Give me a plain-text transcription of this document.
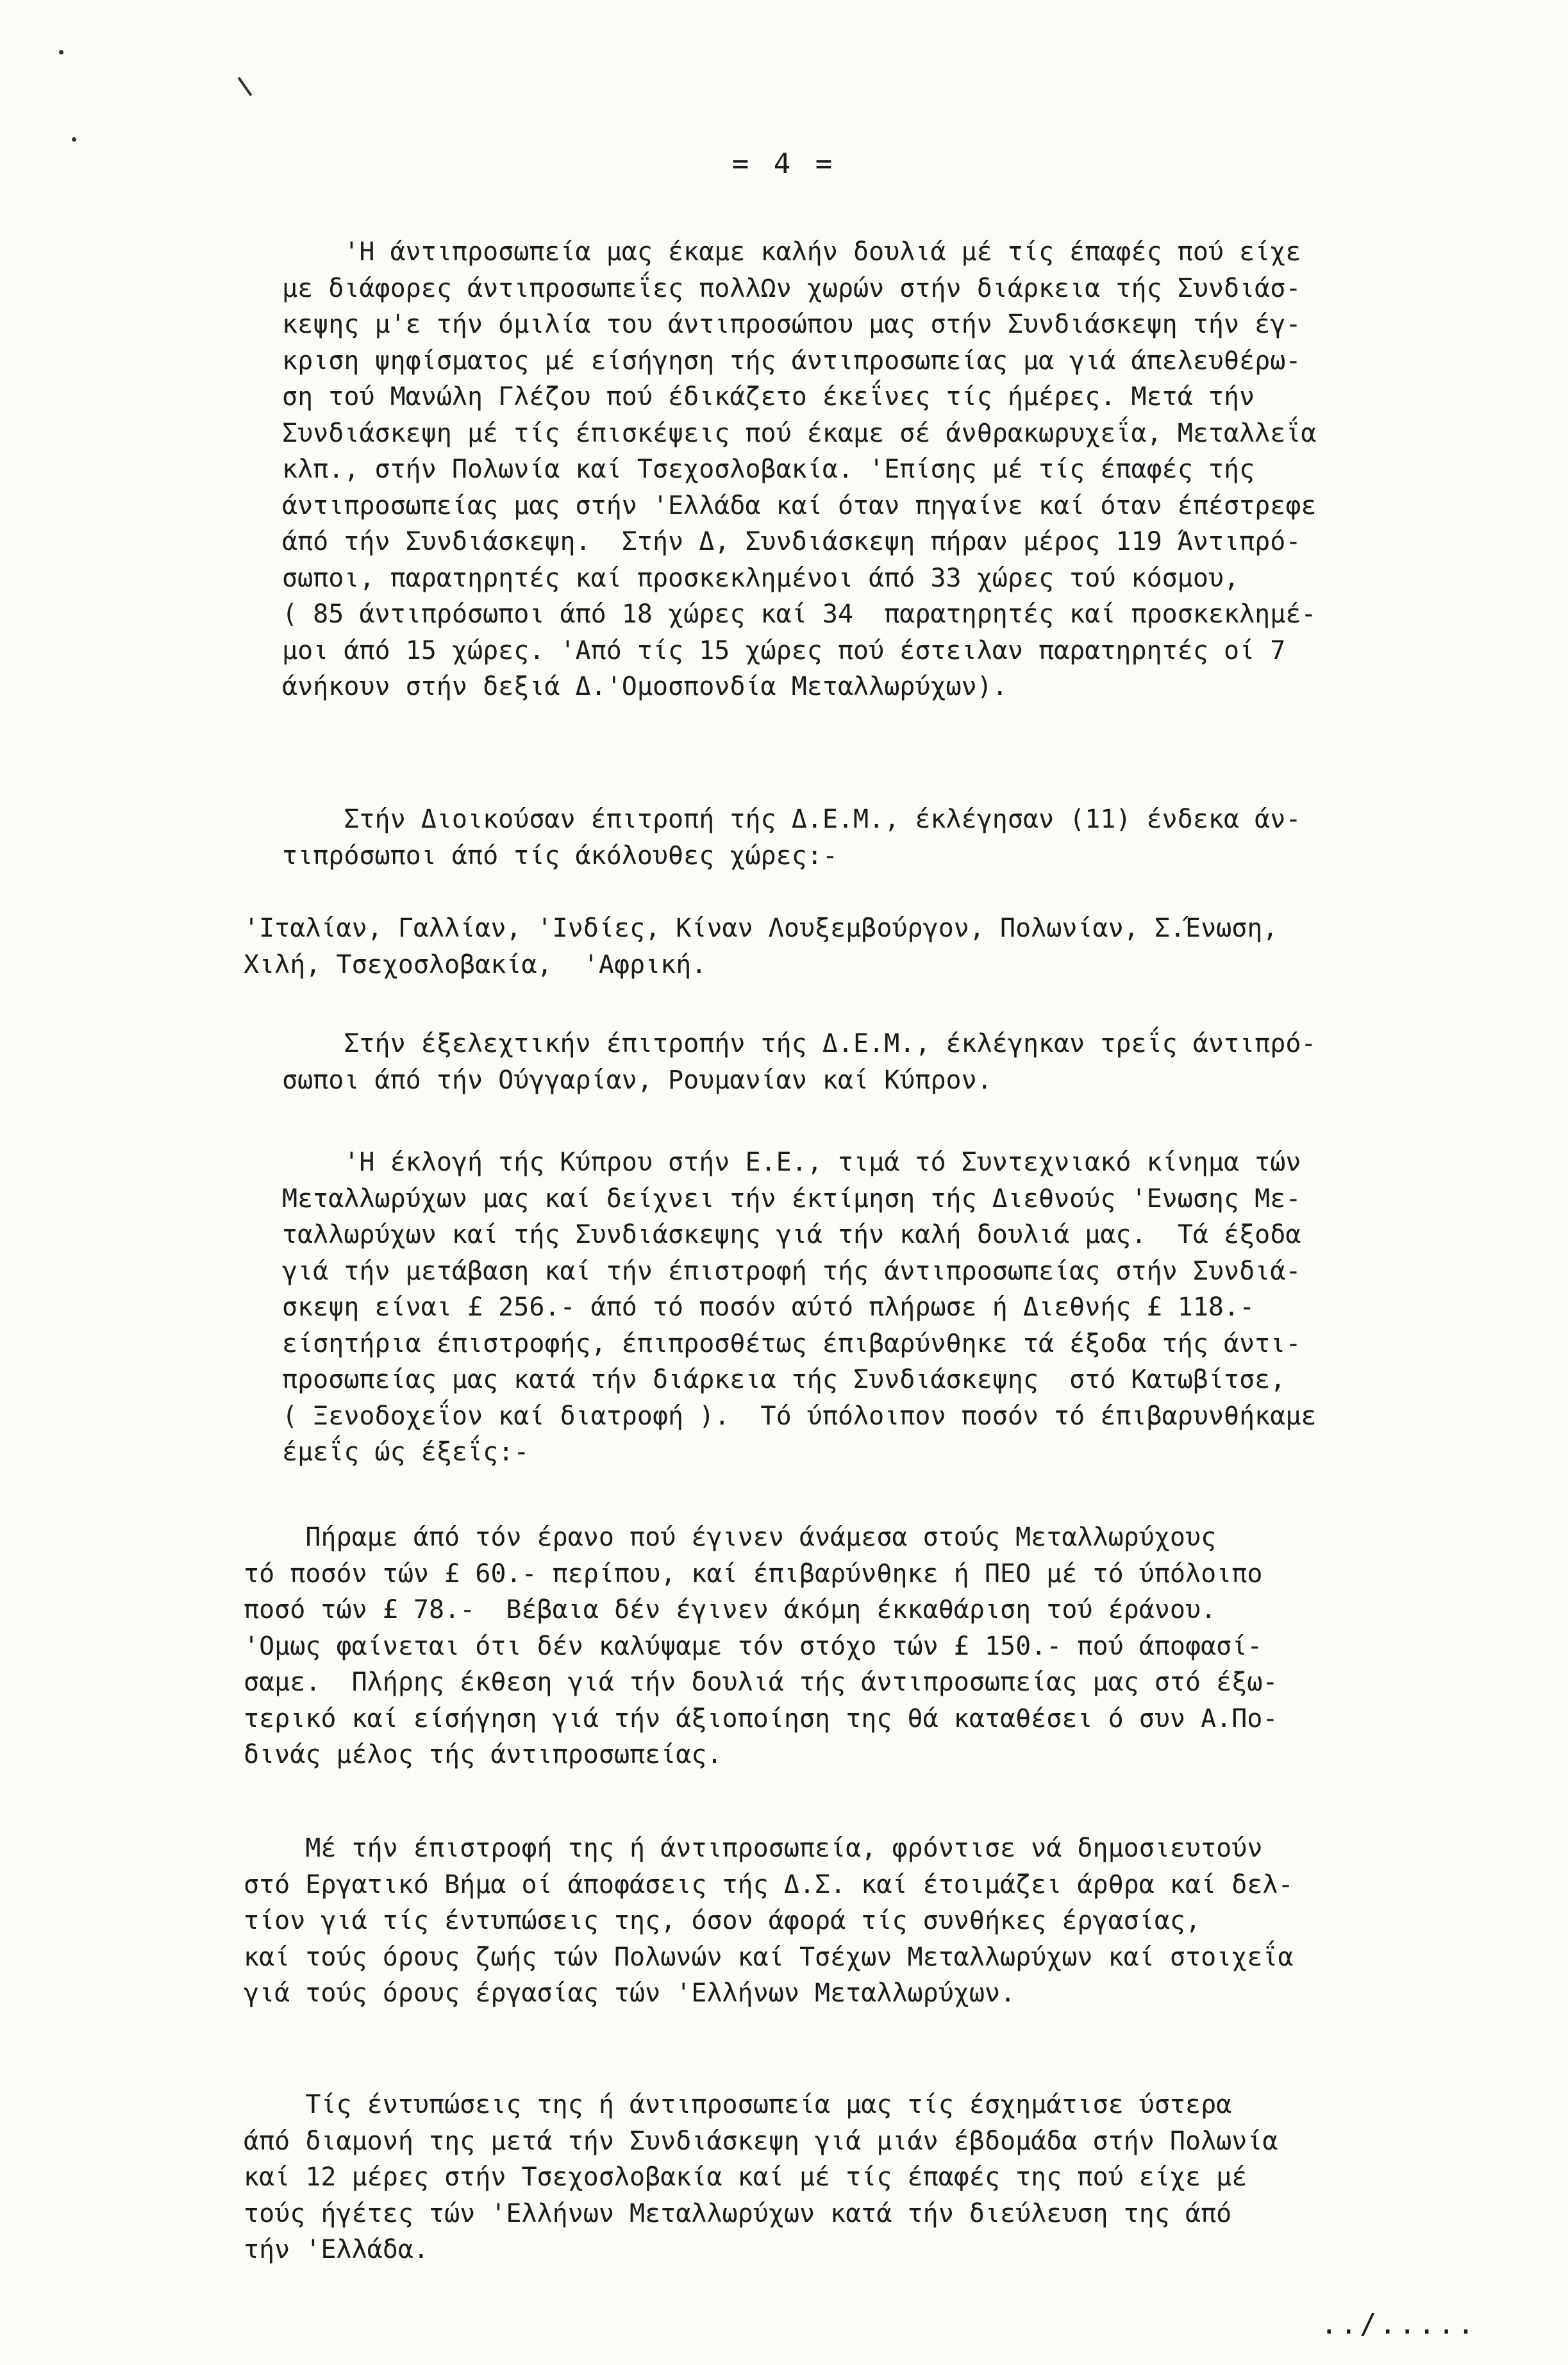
= 4 =
'Η άντιπροσωπεία μας έκαμε καλήν δουλιά μέ τίς έπαφές πού είχε
με διάφορες άντιπροσωπεΐες πολλΩν χωρών στήν διάρκεια τής Συνδιάσ-
κεψης μ'ε τήν όμιλία του άντιπροσώπου μας στήν Συνδιάσκεψη τήν έγ-
κριση ψηφίσματος μέ είσήγηση τής άντιπροσωπείας μα γιά άπελευθέρω-
ση τού Μανώλη Γλέζου πού έδικάζετο έκεΐνες τίς ήμέρες. Μετά τήν
Συνδιάσκεψη μέ τίς έπισκέψεις πού έκαμε σέ άνθρακωρυχεΐα, Μεταλλεΐα
κλπ., στήν Πολωνία καί Τσεχοσλοβακία. 'Επίσης μέ τίς έπαφές τής
άντιπροσωπείας μας στήν 'Ελλάδα καί όταν πηγαίνε καί όταν έπέστρεφε
άπό τήν Συνδιάσκεψη.  Στήν Δ, Συνδιάσκεψη πήραν μέρος 119 Άντιπρό-
σωποι, παρατηρητές καί προσκεκλημένοι άπό 33 χώρες τού κόσμου,
( 85 άντιπρόσωποι άπό 18 χώρες καί 34  παρατηρητές καί προσκεκλημέ-
μοι άπό 15 χώρες. 'Από τίς 15 χώρες πού έστειλαν παρατηρητές οί 7
άνήκουν στήν δεξιά Δ.'Ομοσπονδία Μεταλλωρύχων).
Στήν Διοικούσαν έπιτροπή τής Δ.Ε.Μ., έκλέγησαν (11) ένδεκα άν-
τιπρόσωποι άπό τίς άκόλουθες χώρες:-
'Ιταλίαν, Γαλλίαν, 'Ινδίες, Κίναν Λουξεμβούργον, Πολωνίαν, Σ.Ένωση,
Χιλή, Τσεχοσλοβακία,  'Αφρική.
Στήν έξελεχτικήν έπιτροπήν τής Δ.Ε.Μ., έκλέγηκαν τρεΐς άντιπρό-
σωποι άπό τήν Ούγγαρίαν, Ρουμανίαν καί Κύπρον.
'Η έκλογή τής Κύπρου στήν Ε.Ε., τιμά τό Συντεχνιακό κίνημα τών
Μεταλλωρύχων μας καί δείχνει τήν έκτίμηση τής Διεθνούς 'Ενωσης Με-
ταλλωρύχων καί τής Συνδιάσκεψης γιά τήν καλή δουλιά μας.  Τά έξοδα
γιά τήν μετάβαση καί τήν έπιστροφή τής άντιπροσωπείας στήν Συνδιά-
σκεψη είναι £ 256.- άπό τό ποσόν αύτό πλήρωσε ή Διεθνής £ 118.-
είσητήρια έπιστροφής, έπιπροσθέτως έπιβαρύνθηκε τά έξοδα τής άντι-
προσωπείας μας κατά τήν διάρκεια τής Συνδιάσκεψης  στό Κατωβίτσε,
( Ξενοδοχεΐον καί διατροφή ).  Τό ύπόλοιπον ποσόν τό έπιβαρυνθήκαμε
έμεΐς ώς έξεΐς:-
Πήραμε άπό τόν έρανο πού έγινεν άνάμεσα στούς Μεταλλωρύχους
τό ποσόν τών £ 60.- περίπου, καί έπιβαρύνθηκε ή ΠΕΟ μέ τό ύπόλοιπο
ποσό τών £ 78.-  Βέβαια δέν έγινεν άκόμη έκκαθάριση τού έράνου.
'Ομως φαίνεται ότι δέν καλύψαμε τόν στόχο τών £ 150.- πού άποφασί-
σαμε.  Πλήρης έκθεση γιά τήν δουλιά τής άντιπροσωπείας μας στό έξω-
τερικό καί είσήγηση γιά τήν άξιοποίηση της θά καταθέσει ό συν Α.Πο-
δινάς μέλος τής άντιπροσωπείας.
Μέ τήν έπιστροφή της ή άντιπροσωπεία, φρόντισε νά δημοσιευτούν
στό Εργατικό Βήμα οί άποφάσεις τής Δ.Σ. καί έτοιμάζει άρθρα καί δελ-
τίον γιά τίς έντυπώσεις της, όσον άφορά τίς συνθήκες έργασίας,
καί τούς όρους ζωής τών Πολωνών καί Τσέχων Μεταλλωρύχων καί στοιχεΐα
γιά τούς όρους έργασίας τών 'Ελλήνων Μεταλλωρύχων.
Τίς έντυπώσεις της ή άντιπροσωπεία μας τίς έσχημάτισε ύστερα
άπό διαμονή της μετά τήν Συνδιάσκεψη γιά μιάν έβδομάδα στήν Πολωνία
καί 12 μέρες στήν Τσεχοσλοβακία καί μέ τίς έπαφές της πού είχε μέ
τούς ήγέτες τών 'Ελλήνων Μεταλλωρύχων κατά τήν διεύλευση της άπό
τήν 'Ελλάδα.
../.....
